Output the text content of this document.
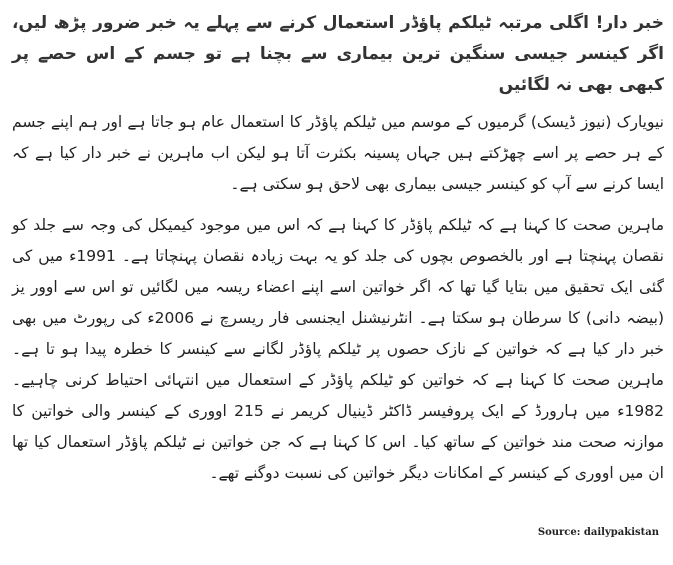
خبر دار! اگلی مرتبہ ٹیلکم پاؤڈر استعمال کرنے سے پہلے یہ خبر ضرور پڑھ لیں، اگر کینسر جیسی سنگین ترین بیماری سے بچنا ہے تو جسم کے اس حصے پر کبھی بھی نہ لگائیں

نیویارک (نیوز ڈیسک) گرمیوں کے موسم میں ٹیلکم پاؤڈر کا استعمال عام ہو جاتا ہے اور ہم اپنے جسم کے ہر حصے پر اسے چھڑکتے ہیں جہاں پسینہ بکثرت آتا ہو لیکن اب ماہرین نے خبر دار کیا ہے کہ ایسا کرنے سے آپ کو کینسر جیسی بیماری بھی لاحق ہو سکتی ہے۔

ماہرین صحت کا کہنا ہے کہ ٹیلکم پاؤڈر کا کہنا ہے کہ اس میں موجود کیمیکل کی وجہ سے جلد کو نقصان پہنچتا ہے اور بالخصوص بچوں کی جلد کو یہ بہت زیادہ نقصان پہنچاتا ہے۔ 1991ء میں کی گئی ایک تحقیق میں بتایا گیا تھا کہ اگر خواتین اسے اپنے اعضاء ریسہ میں لگائیں تو اس سے اوور یز (بیضہ دانی) کا سرطان ہو سکتا ہے۔ انٹرنیشنل ایجنسی فار ریسرچ نے 2006ء کی رپورٹ میں بھی خبر دار کیا ہے کہ خواتین کے نازک حصوں پر ٹیلکم پاؤڈر لگانے سے کینسر کا خطرہ پیدا ہو تا ہے۔ ماہرین صحت کا کہنا ہے کہ خواتین کو ٹیلکم پاؤڈر کے استعمال میں انتہائی احتیاط کرنی چاہیے۔ 1982ء میں ہارورڈ کے ایک پروفیسر ڈاکٹر ڈینیال کریمر نے 215 اووری کے کینسر والی خواتین کا موازنہ صحت مند خواتین کے ساتھ کیا۔ اس کا کہنا ہے کہ جن خواتین نے ٹیلکم پاؤڈر استعمال کیا تھا ان میں اووری کے کینسر کے امکانات دیگر خواتین کی نسبت دوگنے تھے۔

Source: dailypakistan
